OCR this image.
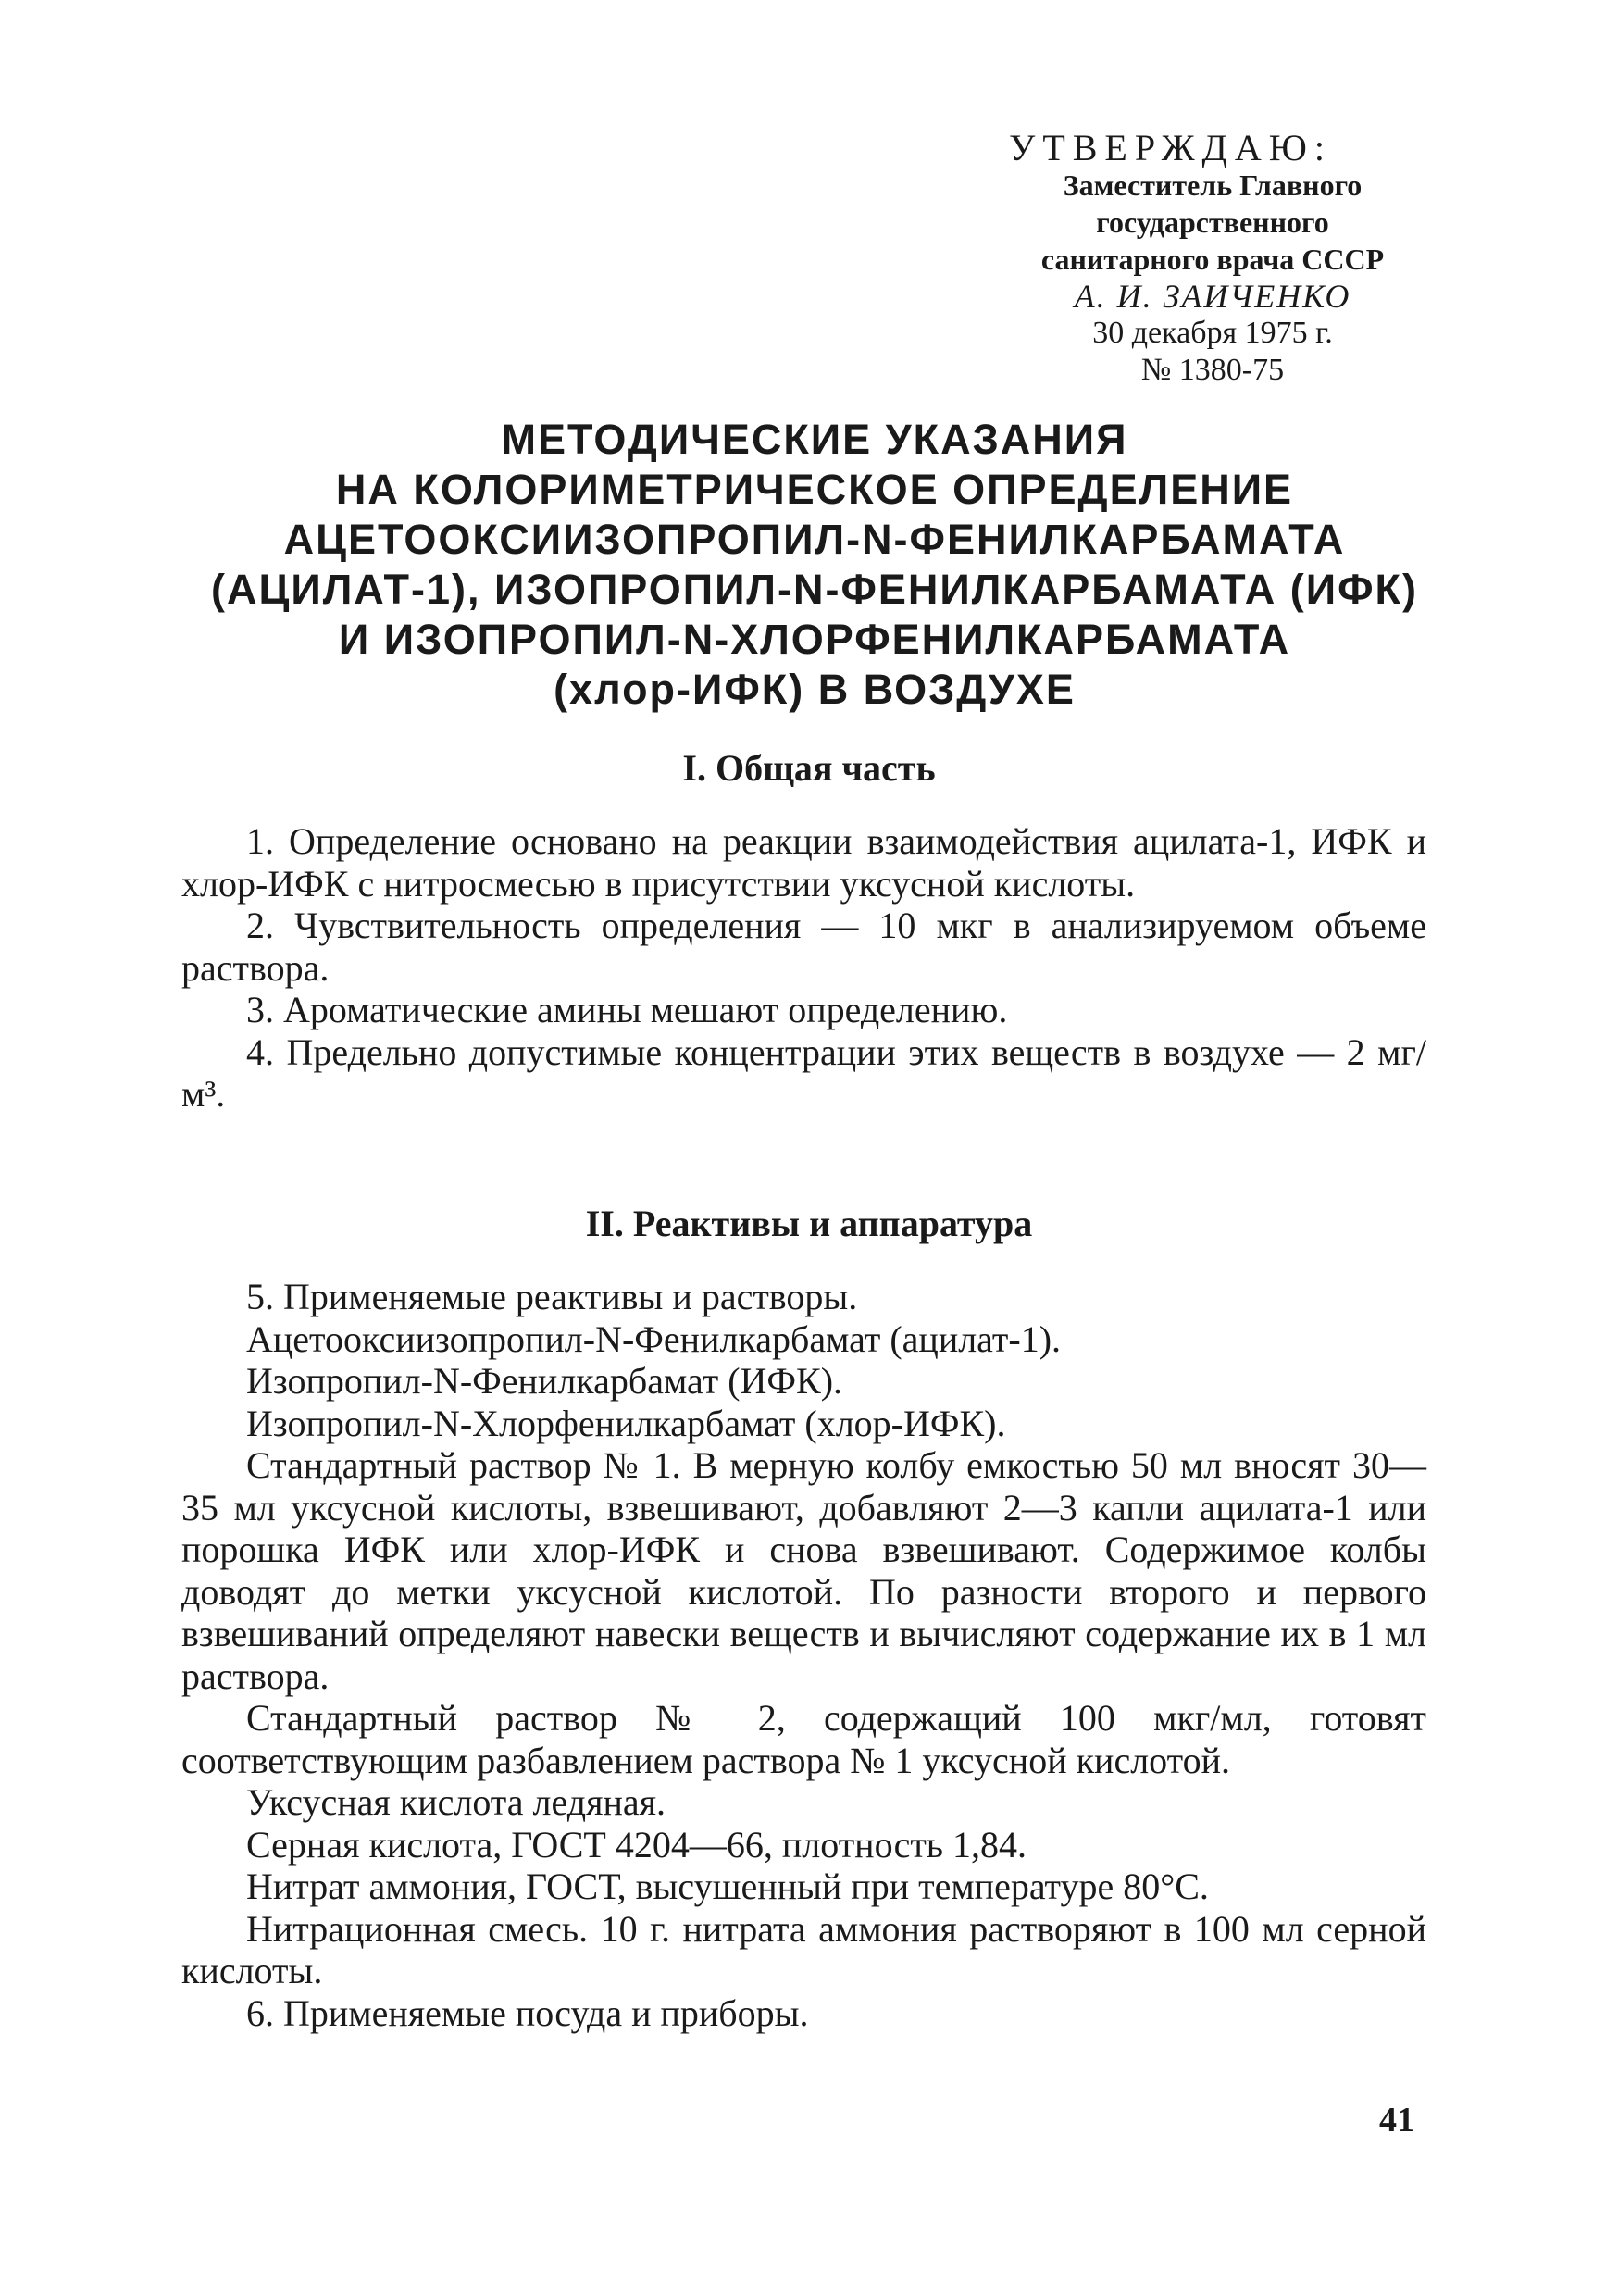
УТВЕРЖДАЮ:
Заместитель Главного
государственного
санитарного врача СССР
А. И. ЗАИЧЕНКО
30 декабря 1975 г.
№ 1380-75
МЕТОДИЧЕСКИЕ УКАЗАНИЯ
НА КОЛОРИМЕТРИЧЕСКОЕ ОПРЕДЕЛЕНИЕ
АЦЕТООКСИИЗОПРОПИЛ-N-ФЕНИЛКАРБАМАТА
(АЦИЛАТ-1), ИЗОПРОПИЛ-N-ФЕНИЛКАРБАМАТА (ИФК)
И ИЗОПРОПИЛ-N-ХЛОРФЕНИЛКАРБАМАТА
(хлор-ИФК) В ВОЗДУХЕ
I. Общая часть

1. Определение основано на реакции взаимодействия ацилата-1, ИФК и хлор-ИФК с нитросмесью в присутствии уксусной кислоты.

2. Чувствительность определения — 10 мкг в анализируемом объеме раствора.

3. Ароматические амины мешают определению.

4. Предельно допустимые концентрации этих веществ в воздухе — 2 мг/м³.

II. Реактивы и аппаратура

5. Применяемые реактивы и растворы.

Ацетооксиизопропил-N-Фенилкарбамат (ацилат-1).

Изопропил-N-Фенилкарбамат (ИФК).

Изопропил-N-Хлорфенилкарбамат (хлор-ИФК).

Стандартный раствор № 1. В мерную колбу емкостью 50 мл вносят 30—35 мл уксусной кислоты, взвешивают, добавляют 2—3 капли ацилата-1 или порошка ИФК или хлор-ИФК и снова взвешивают. Содержимое колбы доводят до метки уксусной кислотой. По разности второго и первого взвешиваний определяют навески веществ и вычисляют содержание их в 1 мл раствора.

Стандартный раствор № 2, содержащий 100 мкг/мл, готовят соответствующим разбавлением раствора № 1 уксусной кислотой.

Уксусная кислота ледяная.

Серная кислота, ГОСТ 4204—66, плотность 1,84.

Нитрат аммония, ГОСТ, высушенный при температуре 80°С.

Нитрационная смесь. 10 г. нитрата аммония растворяют в 100 мл серной кислоты.

6. Применяемые посуда и приборы.

41
